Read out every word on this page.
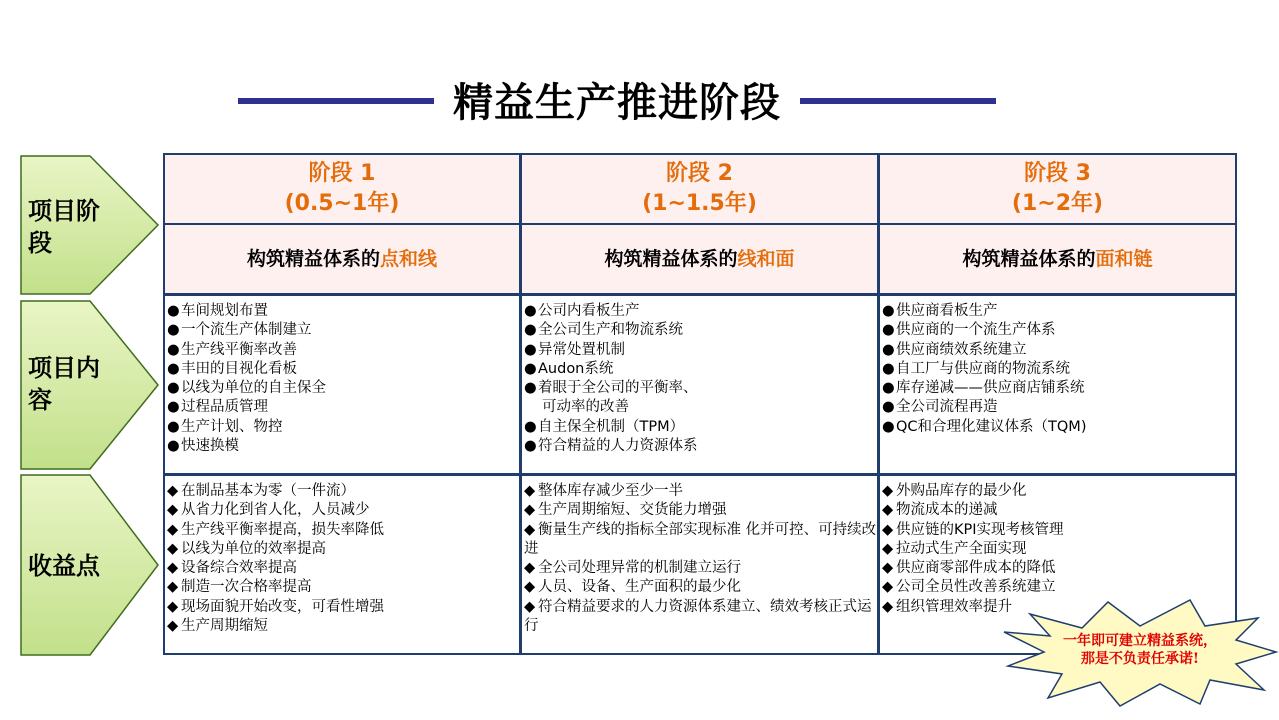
精益生产推进阶段
项目阶段
项目内容
收益点
阶段 1
(0.5~1年)
阶段 2
(1~1.5年)
阶段 3
(1~2年)
构筑精益体系的点和线	构筑精益体系的线和面	构筑精益体系的面和链
●车间规划布置
●一个流生产体制建立
●生产线平衡率改善
●丰田的目视化看板
●以线为单位的自主保全
●过程品质管理
●生产计划、物控
●快速换模
●公司内看板生产
●全公司生产和物流系统
●异常处置机制
●Audon系统
●着眼于全公司的平衡率、
可动率的改善
●自主保全机制（TPM）
●符合精益的人力资源体系
●供应商看板生产
●供应商的一个流生产体系
●供应商绩效系统建立
●自工厂与供应商的物流系统
●库存递减——供应商店铺系统
●全公司流程再造
●QC和合理化建议体系（TQM)
◆ 在制品基本为零（一件流）
◆ 从省力化到省人化，人员减少
◆ 生产线平衡率提高，损失率降低
◆ 以线为单位的效率提高
◆ 设备综合效率提高
◆ 制造一次合格率提高
◆ 现场面貌开始改变，可看性增强
◆ 生产周期缩短
◆ 整体库存减少至少一半
◆ 生产周期缩短、交货能力增强
◆ 衡量生产线的指标全部实现标准 化并可控、可持续改进
◆ 全公司处理异常的机制建立运行
◆ 人员、设备、生产面积的最少化
◆ 符合精益要求的人力资源体系建立、绩效考核正式运行
◆ 外购品库存的最少化
◆ 物流成本的递减
◆ 供应链的KPI实现考核管理
◆ 拉动式生产全面实现
◆ 供应商零部件成本的降低
◆ 公司全员性改善系统建立
◆ 组织管理效率提升
一年即可建立精益系统，
那是不负责任承诺!
